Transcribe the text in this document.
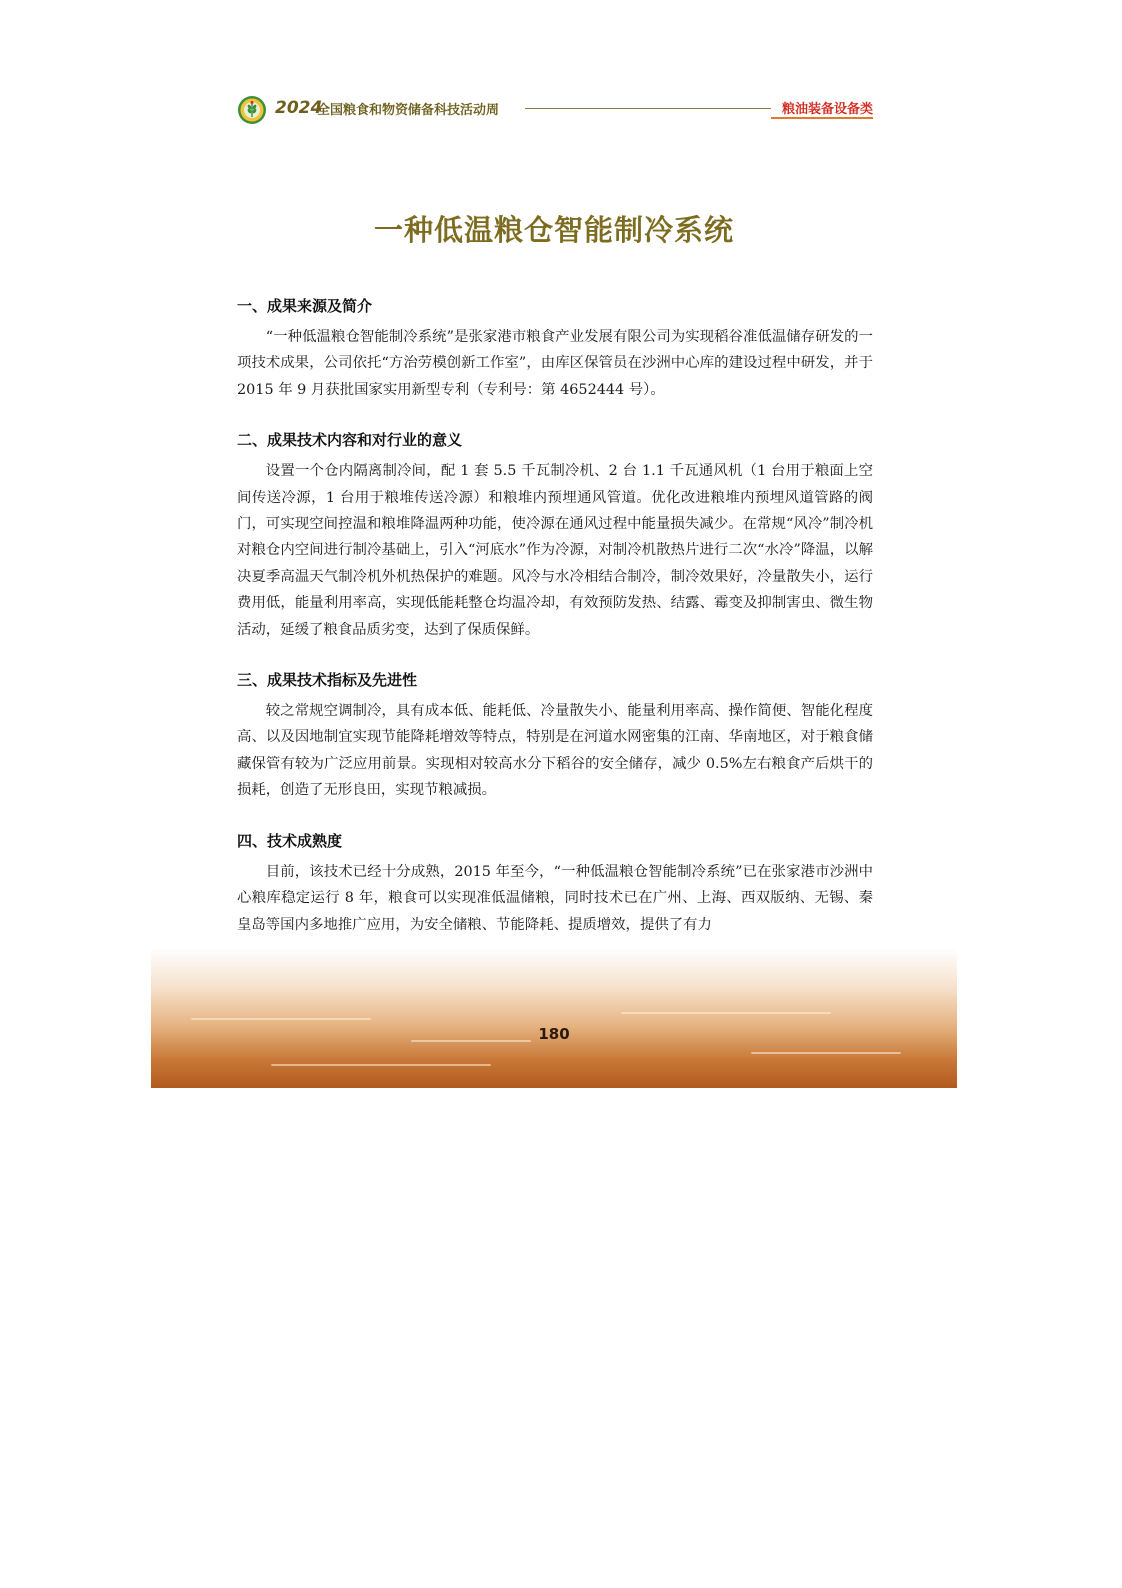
2024
全国粮食和物资储备科技活动周	粮油装备设备类
一种低温粮仓智能制冷系统
一、成果来源及简介

“一种低温粮仓智能制冷系统”是张家港市粮食产业发展有限公司为实现稻谷准低温储存研发的一项技术成果，公司依托“方治劳模创新工作室”，由库区保管员在沙洲中心库的建设过程中研发，并于 2015 年 9 月获批国家实用新型专利（专利号：第 4652444 号）。

二、成果技术内容和对行业的意义

设置一个仓内隔离制冷间，配 1 套 5.5 千瓦制冷机、2 台 1.1 千瓦通风机（1 台用于粮面上空间传送冷源，1 台用于粮堆传送冷源）和粮堆内预埋通风管道。优化改进粮堆内预埋风道管路的阀门，可实现空间控温和粮堆降温两种功能，使冷源在通风过程中能量损失减少。在常规“风冷”制冷机对粮仓内空间进行制冷基础上，引入“河底水”作为冷源，对制冷机散热片进行二次“水冷”降温，以解决夏季高温天气制冷机外机热保护的难题。风冷与水冷相结合制冷，制冷效果好，冷量散失小，运行费用低，能量利用率高，实现低能耗整仓均温冷却，有效预防发热、结露、霉变及抑制害虫、微生物活动，延缓了粮食品质劣变，达到了保质保鲜。

三、成果技术指标及先进性

较之常规空调制冷，具有成本低、能耗低、冷量散失小、能量利用率高、操作简便、智能化程度高、以及因地制宜实现节能降耗增效等特点，特别是在河道水网密集的江南、华南地区，对于粮食储藏保管有较为广泛应用前景。实现相对较高水分下稻谷的安全储存，减少 0.5%左右粮食产后烘干的损耗，创造了无形良田，实现节粮减损。

四、技术成熟度

目前，该技术已经十分成熟，2015 年至今，“一种低温粮仓智能制冷系统”已在张家港市沙洲中心粮库稳定运行 8 年，粮食可以实现准低温储粮，同时技术已在广州、上海、西双版纳、无锡、秦皇岛等国内多地推广应用，为安全储粮、节能降耗、提质增效，提供了有力

180
